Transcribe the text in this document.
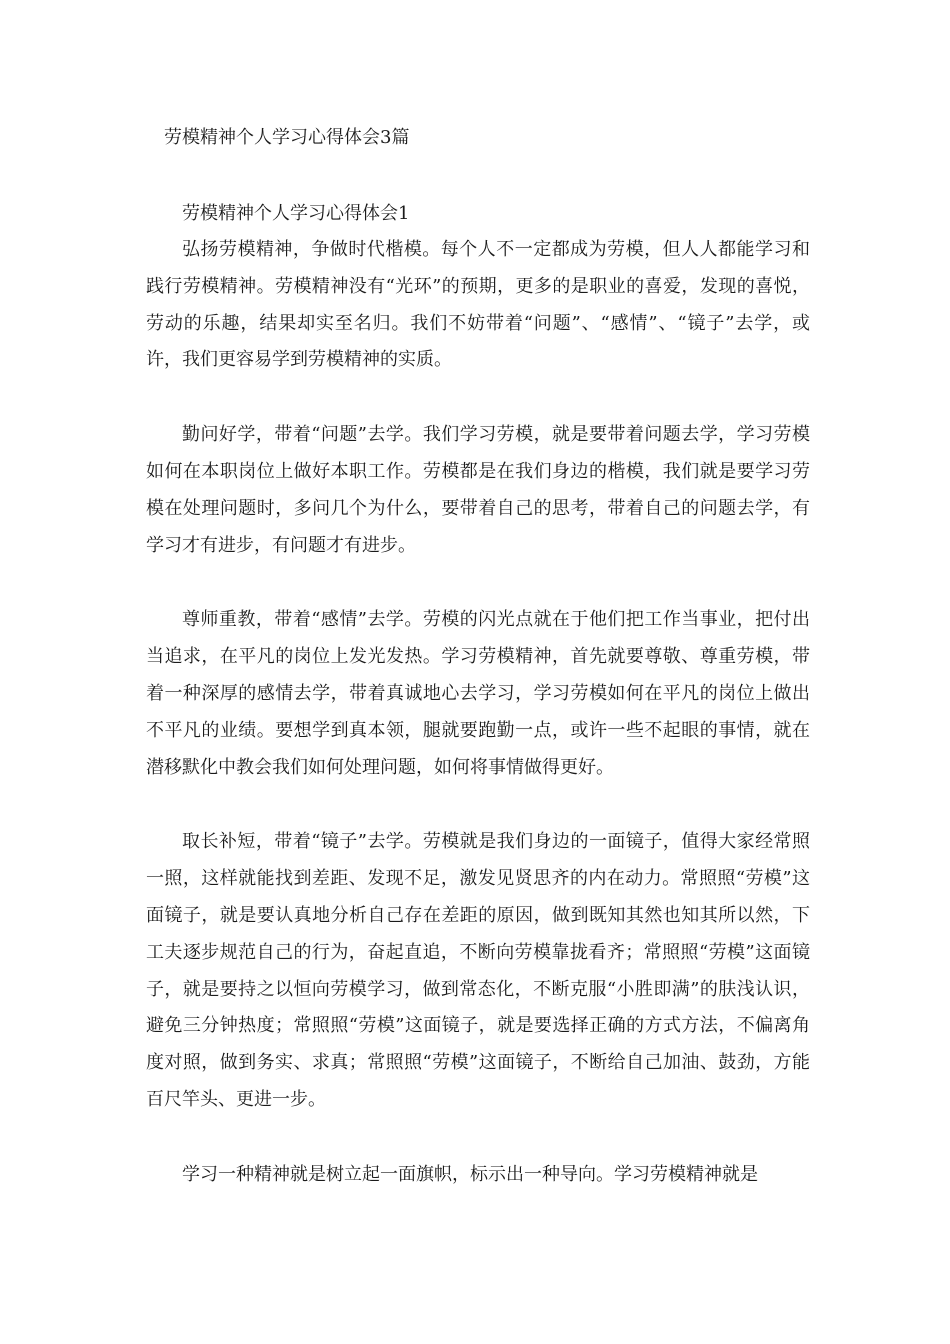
劳模精神个人学习心得体会3篇
劳模精神个人学习心得体会1

弘扬劳模精神，争做时代楷模。每个人不一定都成为劳模，但人人都能学习和践行劳模精神。劳模精神没有“光环”的预期，更多的是职业的喜爱，发现的喜悦，劳动的乐趣，结果却实至名归。我们不妨带着“问题”、“感情”、“镜子”去学，或许，我们更容易学到劳模精神的实质。

勤问好学，带着“问题”去学。我们学习劳模，就是要带着问题去学，学习劳模如何在本职岗位上做好本职工作。劳模都是在我们身边的楷模，我们就是要学习劳模在处理问题时，多问几个为什么，要带着自己的思考，带着自己的问题去学，有学习才有进步，有问题才有进步。

尊师重教，带着“感情”去学。劳模的闪光点就在于他们把工作当事业，把付出当追求，在平凡的岗位上发光发热。学习劳模精神，首先就要尊敬、尊重劳模，带着一种深厚的感情去学，带着真诚地心去学习，学习劳模如何在平凡的岗位上做出不平凡的业绩。要想学到真本领，腿就要跑勤一点，或许一些不起眼的事情，就在潜移默化中教会我们如何处理问题，如何将事情做得更好。

取长补短，带着“镜子”去学。劳模就是我们身边的一面镜子，值得大家经常照一照，这样就能找到差距、发现不足，激发见贤思齐的内在动力。常照照“劳模”这面镜子，就是要认真地分析自己存在差距的原因，做到既知其然也知其所以然，下工夫逐步规范自己的行为，奋起直追，不断向劳模靠拢看齐；常照照“劳模”这面镜子，就是要持之以恒向劳模学习，做到常态化，不断克服“小胜即满”的肤浅认识，避免三分钟热度；常照照“劳模”这面镜子，就是要选择正确的方式方法，不偏离角度对照，做到务实、求真；常照照“劳模”这面镜子，不断给自己加油、鼓劲，方能百尺竿头、更进一步。

学习一种精神就是树立起一面旗帜，标示出一种导向。学习劳模精神就是
